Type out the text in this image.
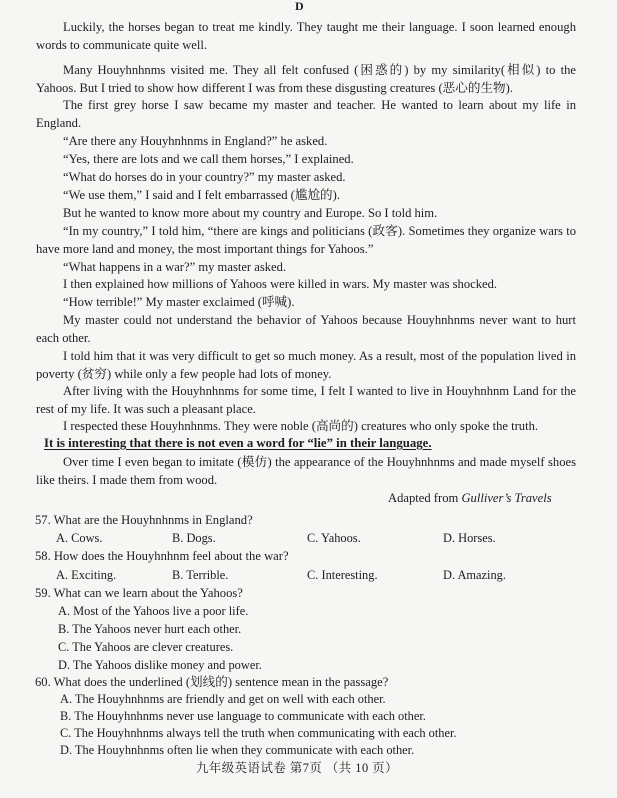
D

Luckily, the horses began to treat me kindly. They taught me their language. I soon learned enough words to communicate quite well.

Many Houyhnhnms visited me. They all felt confused (困惑的) by my similarity(相似) to the Yahoos. But I tried to show how different I was from these disgusting creatures (恶心的生物).

The first grey horse I saw became my master and teacher. He wanted to learn about my life in England.

“Are there any Houyhnhnms in England?” he asked.

“Yes, there are lots and we call them horses,” I explained.

“What do horses do in your country?” my master asked.

“We use them,” I said and I felt embarrassed (尴尬的).

But he wanted to know more about my country and Europe. So I told him.

“In my country,” I told him, “there are kings and politicians (政客). Sometimes they organize wars to have more land and money, the most important things for Yahoos.”

“What happens in a war?” my master asked.

I then explained how millions of Yahoos were killed in wars. My master was shocked.

“How terrible!” My master exclaimed (呼喊).

My master could not understand the behavior of Yahoos because Houyhnhnms never want to hurt each other.

I told him that it was very difficult to get so much money. As a result, most of the population lived in poverty (贫穷) while only a few people had lots of money.

After living with the Houyhnhnms for some time, I felt I wanted to live in Houyhnhnm Land for the rest of my life. It was such a pleasant place.

I respected these Houyhnhnms. They were noble (高尚的) creatures who only spoke the truth.

It is interesting that there is not even a word for “lie” in their language.

Over time I even began to imitate (模仿) the appearance of the Houyhnhnms and made myself shoes like theirs. I made them from wood.

Adapted from Gulliver’s Travels
57. What are the Houyhnhnms in England?
A. Cows.	B. Dogs.	C. Yahoos.	D. Horses.
58. How does the Houyhnhnm feel about the war?
A. Exciting.	B. Terrible.	C. Interesting.	D. Amazing.
59. What can we learn about the Yahoos?
A. Most of the Yahoos live a poor life.
B. The Yahoos never hurt each other.
C. The Yahoos are clever creatures.
D. The Yahoos dislike money and power.
60. What does the underlined (划线的) sentence mean in the passage?
A. The Houyhnhnms are friendly and get on well with each other.
B. The Houyhnhnms never use language to communicate with each other.
C. The Houyhnhnms always tell the truth when communicating with each other.
D. The Houyhnhnms often lie when they communicate with each other.
九年级英语试卷 第7页 （共 10 页）
